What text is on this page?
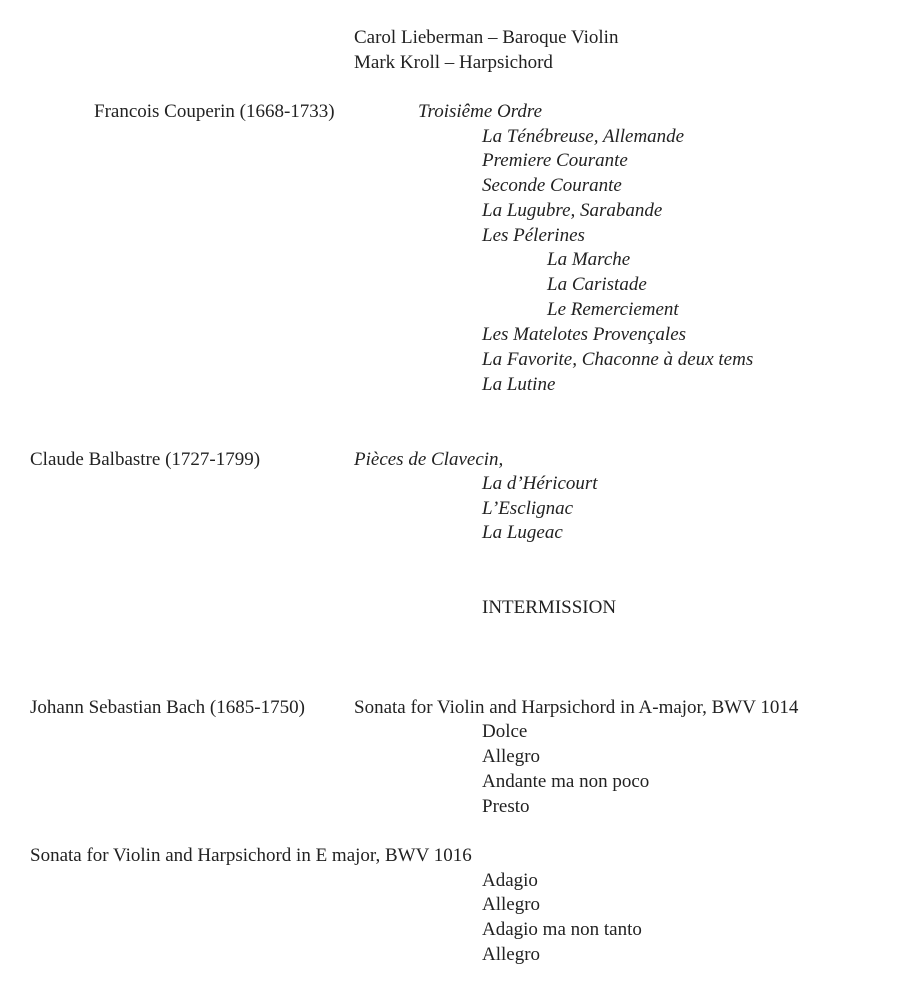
Carol Lieberman – Baroque Violin

Mark Kroll – Harpsichord

Francois Couperin (1668-1733)	Troisiême Ordre

La Ténébreuse, Allemande

Premiere Courante

Seconde Courante

La Lugubre, Sarabande

Les Pélerines

La Marche

La Caristade

Le Remerciement

Les Matelotes Provençales

La Favorite, Chaconne à deux tems

La Lutine

Claude Balbastre (1727-1799)	Pièces de Clavecin,

La d’Héricourt

L’Esclignac

La Lugeac

INTERMISSION

Johann Sebastian Bach (1685-1750)	Sonata for Violin and Harpsichord in A-major, BWV 1014

Dolce

Allegro

Andante ma non poco

Presto

Sonata for Violin and Harpsichord in E major, BWV 1016

Adagio

Allegro

Adagio ma non tanto

Allegro
